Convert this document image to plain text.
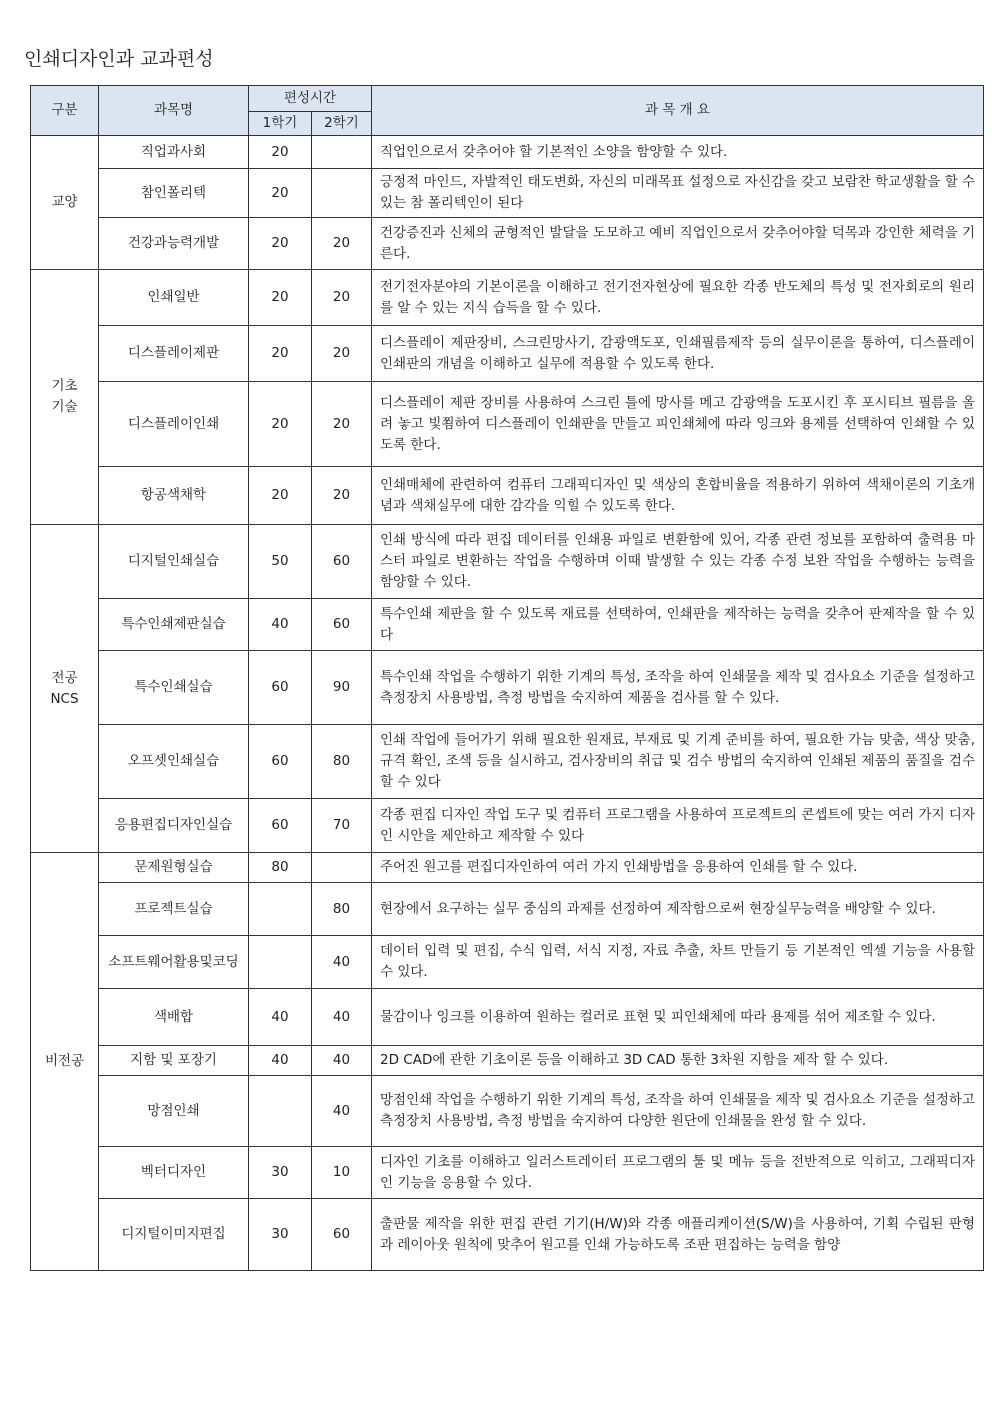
인쇄디자인과 교과편성
구분	과목명	편성시간		과 목 개 요
		1학기	2학기	
교양	직업과사회	20		직업인으로서 갖추어야 할 기본적인 소양을 함양할 수 있다.
	참인폴리텍	20		긍정적 마인드, 자발적인 태도변화, 자신의 미래목표 설정으로 자신감을 갖고 보람찬 학교생활을 할 수 있는 참 폴리텍인이 된다
	건강과능력개발	20	20	건강증진과 신체의 균형적인 발달을 도모하고 예비 직업인으로서 갖추어야할 덕목과 강인한 체력을 기른다.
기초
기술	인쇄일반	20	20	전기전자분야의 기본이론을 이해하고 전기전자현상에 필요한 각종 반도체의 특성 및 전자회로의 원리를 알 수 있는 지식 습득을 할 수 있다.
	디스플레이제판	20	20	디스플레이 제판장비, 스크린망사기, 감광액도포, 인쇄필름제작 등의 실무이론을 통하여, 디스플레이인쇄판의 개념을 이해하고 실무에 적용할 수 있도록 한다.
	디스플레이인쇄	20	20	디스플레이 제판 장비를 사용하여 스크린 틀에 망사를 메고 감광액을 도포시킨 후 포시티브 필름을 올려 놓고 빛쬠하여 디스플레이 인쇄판을 만들고 피인쇄체에 따라 잉크와 용제를 선택하여 인쇄할 수 있도록 한다.
	항공색채학	20	20	인쇄매체에 관련하여 컴퓨터 그래픽디자인 및 색상의 혼합비율을 적용하기 위하여 색채이론의 기초개념과 색채실무에 대한 감각을 익힐 수 있도록 한다.
전공
NCS	디지털인쇄실습	50	60	인쇄 방식에 따라 편집 데이터를 인쇄용 파일로 변환함에 있어, 각종 관련 정보를 포함하여 출력용 마스터 파일로 변환하는 작업을 수행하며 이때 발생할 수 있는 각종 수정 보완 작업을 수행하는 능력을 함양할 수 있다.
	특수인쇄제판실습	40	60	특수인쇄 제판을 할 수 있도록 재료를 선택하여, 인쇄판을 제작하는 능력을 갖추어 판제작을 할 수 있다
	특수인쇄실습	60	90	특수인쇄 작업을 수행하기 위한 기계의 특성, 조작을 하여 인쇄물을 제작 및 검사요소 기준을 설정하고 측정장치 사용방법, 측정 방법을 숙지하여 제품을 검사를 할 수 있다.
	오프셋인쇄실습	60	80	인쇄 작업에 들어가기 위해 필요한 원재료, 부재료 및 기계 준비를 하여, 필요한 가늠 맞춤, 색상 맞춤, 규격 확인, 조색 등을 실시하고, 검사장비의 취급 및 검수 방법의 숙지하여 인쇄된 제품의 품질을 검수 할 수 있다
	응용편집디자인실습	60	70	각종 편집 디자인 작업 도구 및 컴퓨터 프로그램을 사용하여 프로젝트의 콘셉트에 맞는 여러 가지 디자인 시안을 제안하고 제작할 수 있다
비전공	문제원형실습	80		주어진 원고를 편집디자인하여 여러 가지 인쇄방법을 응용하여 인쇄를 할 수 있다.
	프로젝트실습		80	현장에서 요구하는 실무 중심의 과제를 선정하여 제작함으로써 현장실무능력을 배양할 수 있다.
	소프트웨어활용및코딩		40	데이터 입력 및 편집, 수식 입력, 서식 지정, 자료 추출, 차트 만들기 등 기본적인 엑셀 기능을 사용할 수 있다.
	색배합	40	40	물감이나 잉크를 이용하여 원하는 컬러로 표현 및 피인쇄체에 따라 용제를 섞어 제조할 수 있다.
	지함 및 포장기	40	40	2D CAD에 관한 기초이론 등을 이해하고 3D CAD 통한 3차원 지함을 제작 할 수 있다.
	망점인쇄		40	망점인쇄 작업을 수행하기 위한 기계의 특성, 조작을 하여 인쇄물을 제작 및 검사요소 기준을 설정하고 측정장치 사용방법, 측정 방법을 숙지하여 다양한 원단에 인쇄물을 완성 할 수 있다.
	벡터디자인	30	10	디자인 기초를 이해하고 일러스트레이터 프로그램의 툴 및 메뉴 등을 전반적으로 익히고, 그래픽디자인 기능을 응용할 수 있다.
	디지털이미지편집	30	60	출판물 제작을 위한 편집 관련 기기(H/W)와 각종 애플리케이션(S/W)을 사용하여, 기획 수립된 판형과 레이아웃 원칙에 맞추어 원고를 인쇄 가능하도록 조판 편집하는 능력을 함양
